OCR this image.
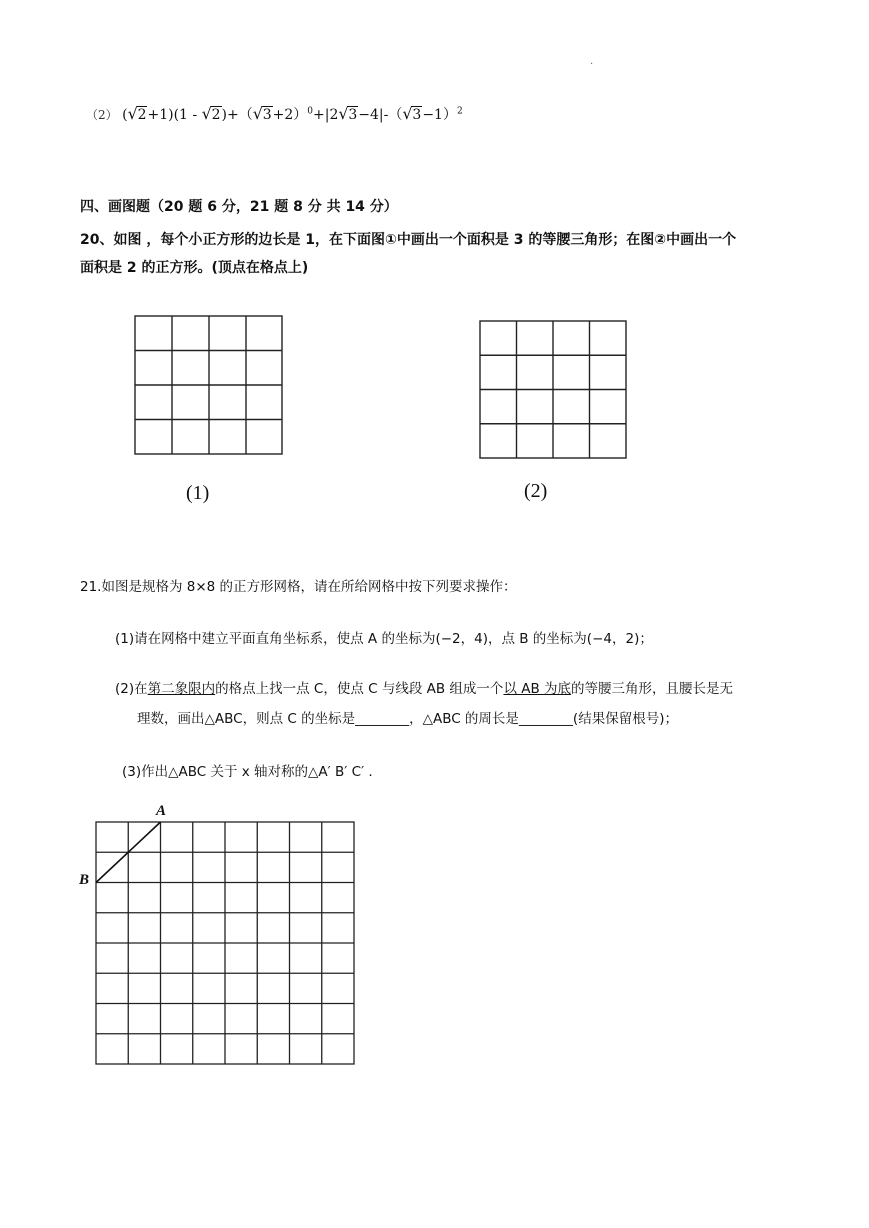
.
（2） ( √ 2+1)(1 - √ 2)+（ √ 3+2）$^0$+|2 √ 3−4|-（ √ 3−1）$^2$
四、画图题（20 题 6 分，21 题 8 分 共 14 分）
20、如图 ，每个小正方形的边长是 1，在下面图①中画出一个面积是 3 的等腰三角形；在图②中画出一个
面积是 2 的正方形。(顶点在格点上)
(1)	(2)
21.如图是规格为 8×8 的正方形网格，请在所给网格中按下列要求操作：
(1)请在网格中建立平面直角坐标系，使点 A 的坐标为(−2，4)，点 B 的坐标为(−4，2)；
(2)在第二象限内的格点上找一点 C，使点 C 与线段 AB 组成一个以 AB 为底的等腰三角形，且腰长是无
理数，画出△ABC，则点 C 的坐标是________，△ABC 的周长是________(结果保留根号)；
(3)作出△ABC 关于 x 轴对称的△A′ B′ C′ .
A
B
